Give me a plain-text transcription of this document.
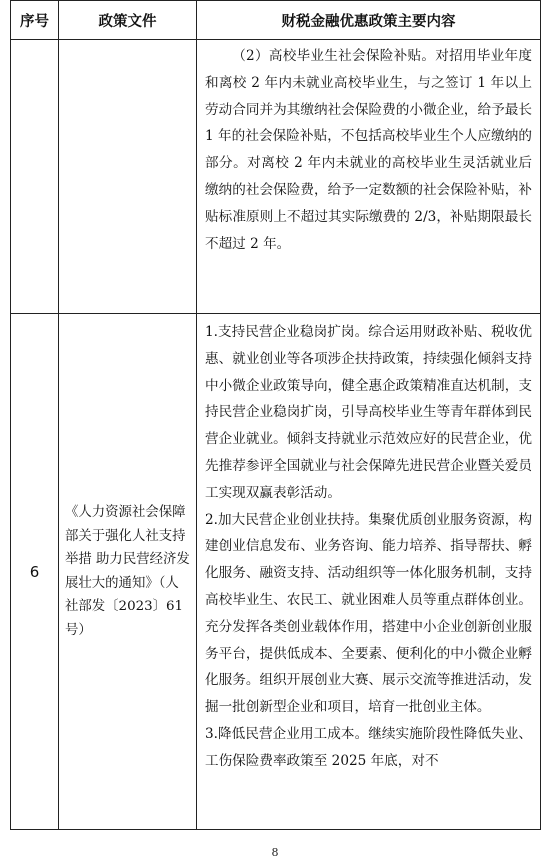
序号	政策文件	财税金融优惠政策主要内容

		（2）高校毕业生社会保险补贴。对招用毕业年度和离校 2 年内未就业高校毕业生，与之签订 1 年以上劳动合同并为其缴纳社会保险费的小微企业，给予最长 1 年的社会保险补贴，不包括高校毕业生个人应缴纳的部分。对离校 2 年内未就业的高校毕业生灵活就业后缴纳的社会保险费，给予一定数额的社会保险补贴，补贴标准原则上不超过其实际缴费的 2/3，补贴期限最长不超过 2 年。

6	《人力资源社会保障部关于强化人社支持举措 助力民营经济发展壮大的通知》（人社部发〔2023〕61 号）	1.支持民营企业稳岗扩岗。综合运用财政补贴、税收优惠、就业创业等各项涉企扶持政策，持续强化倾斜支持中小微企业政策导向，健全惠企政策精准直达机制，支持民营企业稳岗扩岗，引导高校毕业生等青年群体到民营企业就业。倾斜支持就业示范效应好的民营企业，优先推荐参评全国就业与社会保障先进民营企业暨关爱员工实现双赢表彰活动。
2.加大民营企业创业扶持。集聚优质创业服务资源，构建创业信息发布、业务咨询、能力培养、指导帮扶、孵化服务、融资支持、活动组织等一体化服务机制，支持高校毕业生、农民工、就业困难人员等重点群体创业。充分发挥各类创业载体作用，搭建中小企业创新创业服务平台，提供低成本、全要素、便利化的中小微企业孵化服务。组织开展创业大赛、展示交流等推进活动，发掘一批创新型企业和项目，培育一批创业主体。
3.降低民营企业用工成本。继续实施阶段性降低失业、工伤保险费率政策至 2025 年底，对不
8
